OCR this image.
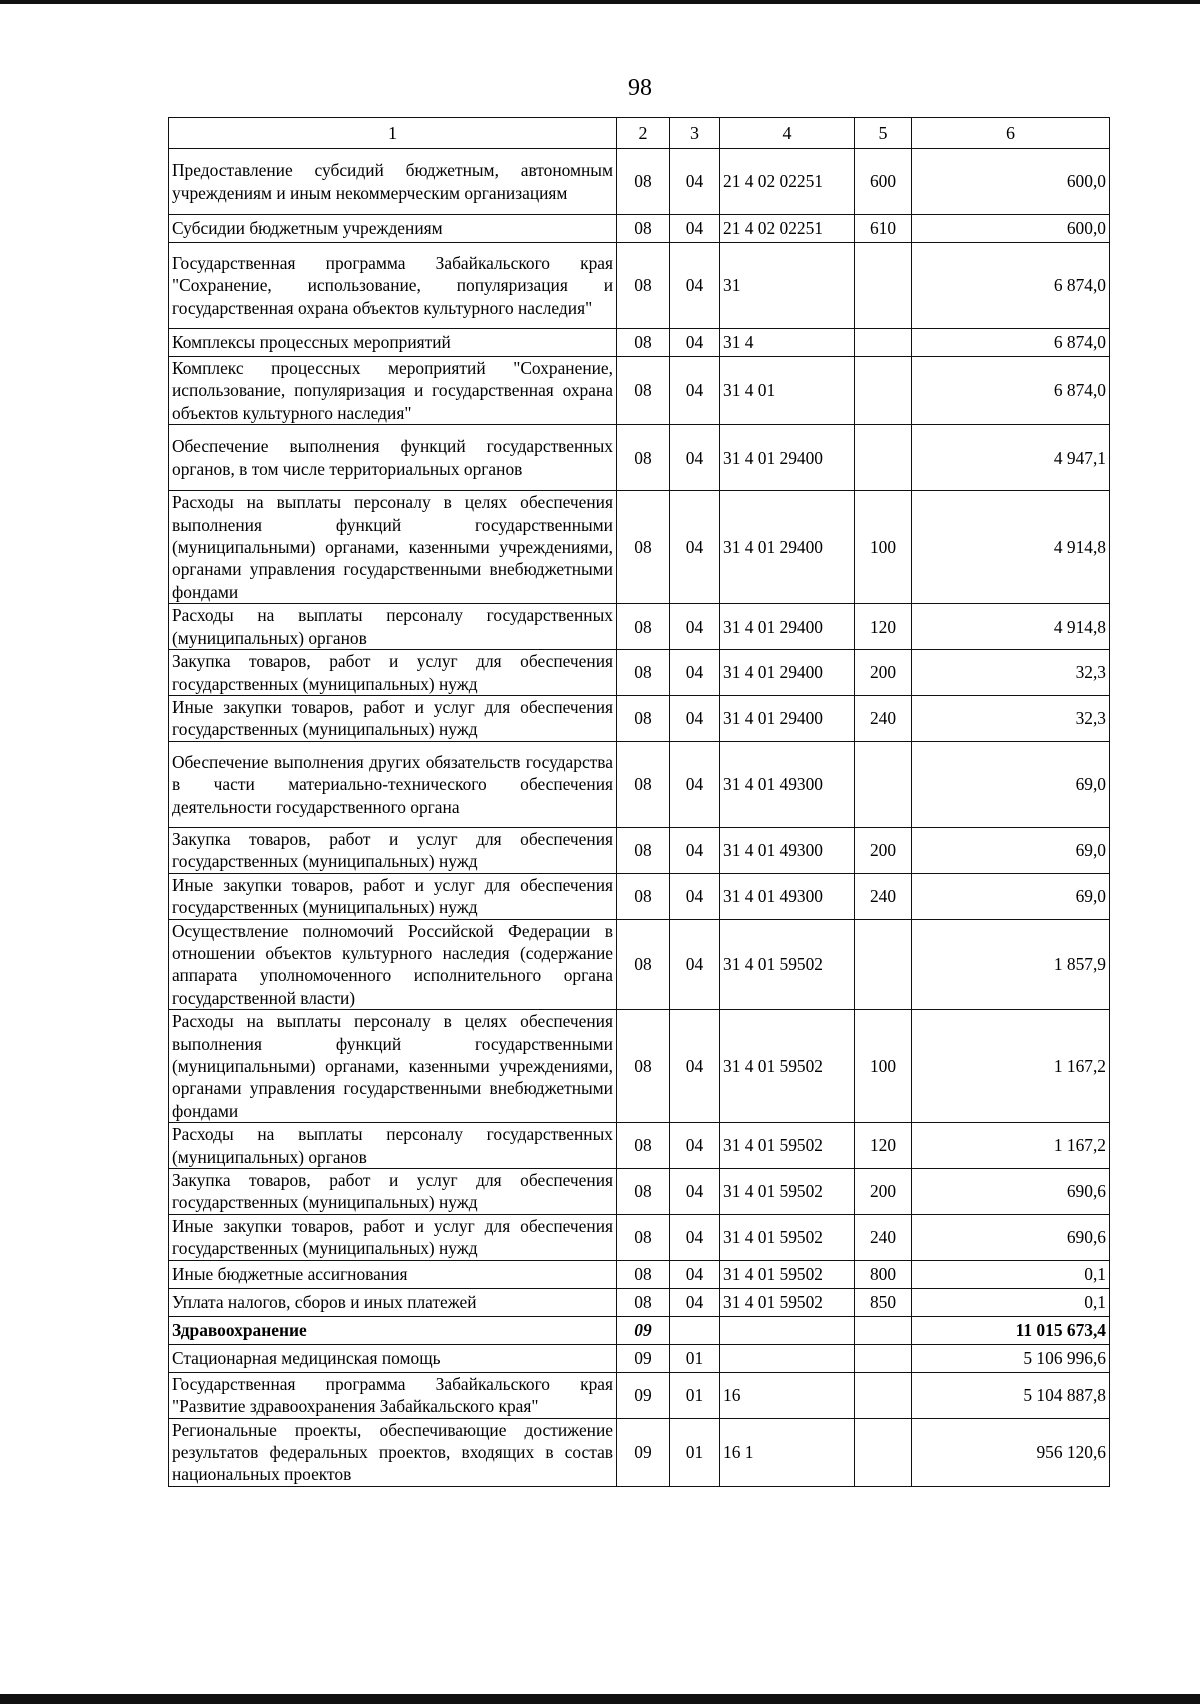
98
1	2	3	4	5	6
Предоставление субсидий бюджетным, автономным учреждениям и иным некоммерческим организациям	08	04	21 4 02 02251	600	600,0
Субсидии бюджетным учреждениям	08	04	21 4 02 02251	610	600,0
Государственная программа Забайкальского края "Сохранение, использование, популяризация и государственная охрана объектов культурного наследия"	08	04	31		6 874,0
Комплексы процессных мероприятий	08	04	31 4		6 874,0
Комплекс процессных мероприятий "Сохранение, использование, популяризация и государственная охрана объектов культурного наследия"	08	04	31 4 01		6 874,0
Обеспечение выполнения функций государственных органов, в том числе территориальных органов	08	04	31 4 01 29400		4 947,1
Расходы на выплаты персоналу в целях обеспечения выполнения функций государственными (муниципальными) органами, казенными учреждениями, органами управления государственными внебюджетными фондами	08	04	31 4 01 29400	100	4 914,8
Расходы на выплаты персоналу государственных (муниципальных) органов	08	04	31 4 01 29400	120	4 914,8
Закупка товаров, работ и услуг для обеспечения государственных (муниципальных) нужд	08	04	31 4 01 29400	200	32,3
Иные закупки товаров, работ и услуг для обеспечения государственных (муниципальных) нужд	08	04	31 4 01 29400	240	32,3
Обеспечение выполнения других обязательств государства в части материально-технического обеспечения деятельности государственного органа	08	04	31 4 01 49300		69,0
Закупка товаров, работ и услуг для обеспечения государственных (муниципальных) нужд	08	04	31 4 01 49300	200	69,0
Иные закупки товаров, работ и услуг для обеспечения государственных (муниципальных) нужд	08	04	31 4 01 49300	240	69,0
Осуществление полномочий Российской Федерации в отношении объектов культурного наследия (содержание аппарата уполномоченного исполнительного органа государственной власти)	08	04	31 4 01 59502		1 857,9
Расходы на выплаты персоналу в целях обеспечения выполнения функций государственными (муниципальными) органами, казенными учреждениями, органами управления государственными внебюджетными фондами	08	04	31 4 01 59502	100	1 167,2
Расходы на выплаты персоналу государственных (муниципальных) органов	08	04	31 4 01 59502	120	1 167,2
Закупка товаров, работ и услуг для обеспечения государственных (муниципальных) нужд	08	04	31 4 01 59502	200	690,6
Иные закупки товаров, работ и услуг для обеспечения государственных (муниципальных) нужд	08	04	31 4 01 59502	240	690,6
Иные бюджетные ассигнования	08	04	31 4 01 59502	800	0,1
Уплата налогов, сборов и иных платежей	08	04	31 4 01 59502	850	0,1
Здравоохранение	09				11 015 673,4
Стационарная медицинская помощь	09	01			5 106 996,6
Государственная программа Забайкальского края "Развитие здравоохранения Забайкальского края"	09	01	16		5 104 887,8
Региональные проекты, обеспечивающие достижение результатов федеральных проектов, входящих в состав национальных проектов	09	01	16 1		956 120,6
